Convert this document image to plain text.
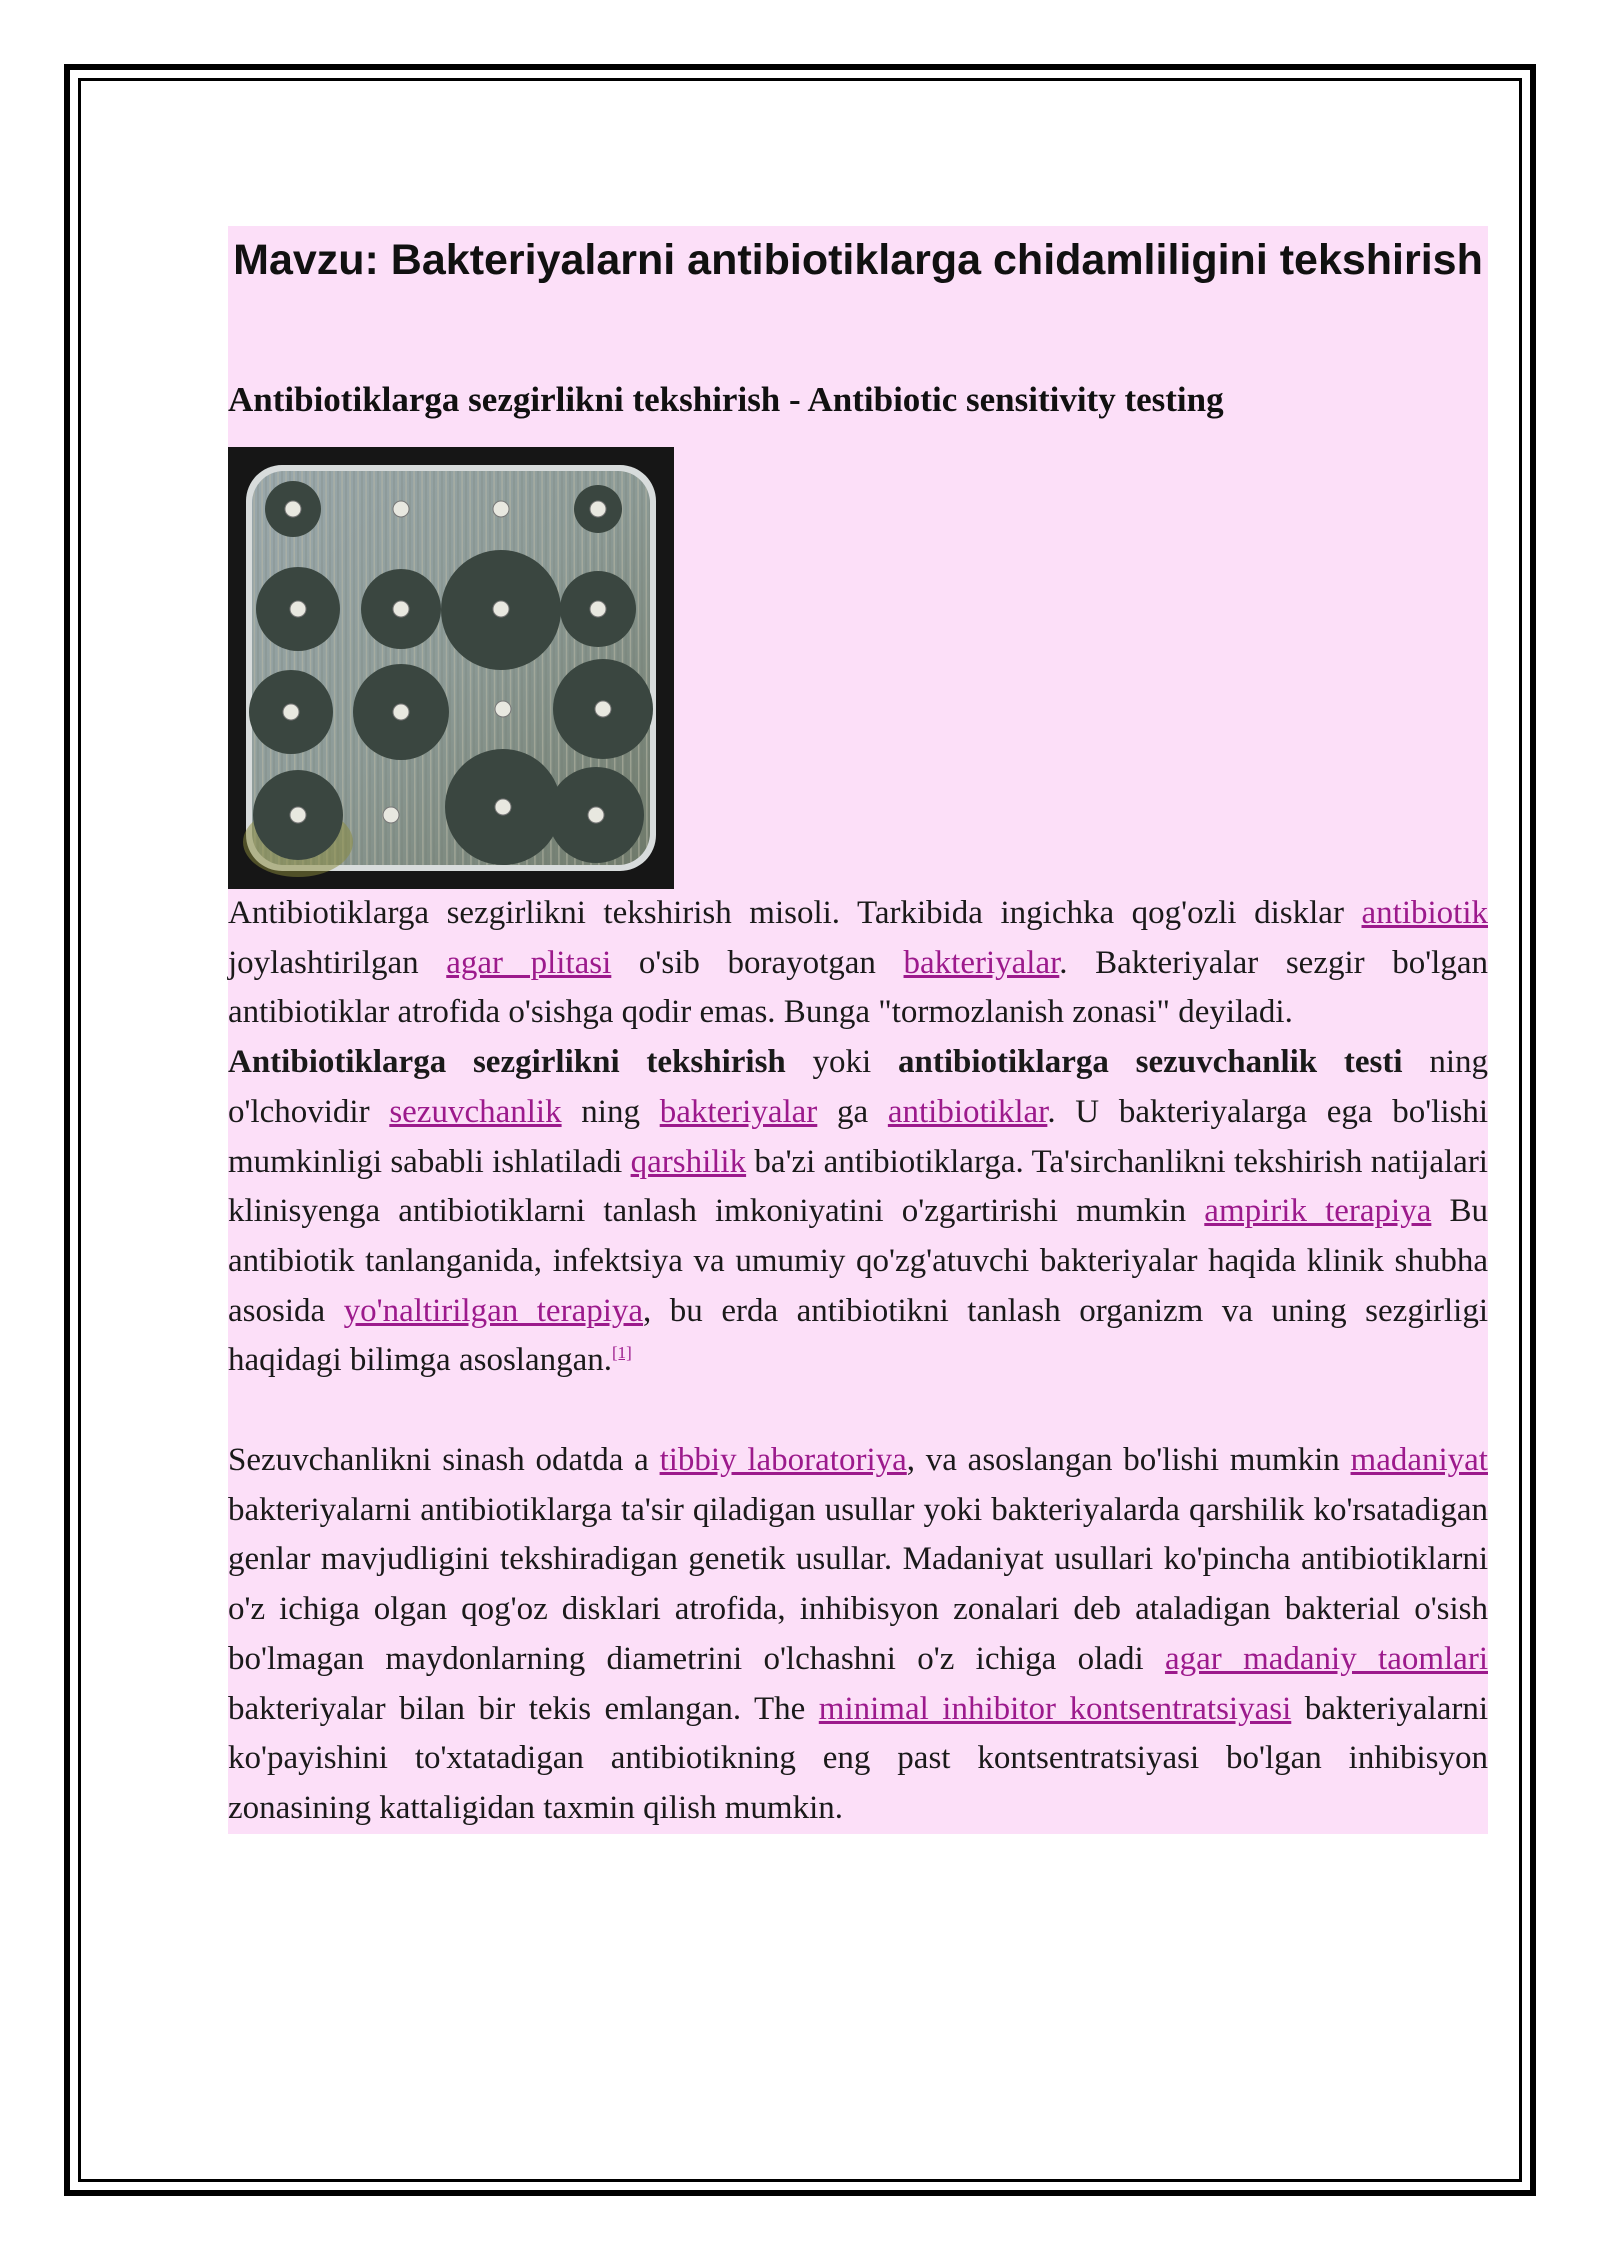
Mavzu: Bakteriyalarni antibiotiklarga chidamliligini tekshirish
Antibiotiklarga sezgirlikni tekshirish - Antibiotic sensitivity testing

Antibiotiklarga sezgirlikni tekshirish misoli. Tarkibida ingichka qog'ozli disklar antibiotik joylashtirilgan agar plitasi o'sib borayotgan bakteriyalar. Bakteriyalar sezgir bo'lgan antibiotiklar atrofida o'sishga qodir emas. Bunga "tormozlanish zonasi" deyiladi.

Antibiotiklarga sezgirlikni tekshirish yoki antibiotiklarga sezuvchanlik testi ning o'lchovidir sezuvchanlik ning bakteriyalar ga antibiotiklar. U bakteriyalarga ega bo'lishi mumkinligi sababli ishlatiladi qarshilik ba'zi antibiotiklarga. Ta'sirchanlikni tekshirish natijalari klinisyenga antibiotiklarni tanlash imkoniyatini o'zgartirishi mumkin ampirik terapiya Bu antibiotik tanlanganida, infektsiya va umumiy qo'zg'atuvchi bakteriyalar haqida klinik shubha asosida yo'naltirilgan terapiya, bu erda antibiotikni tanlash organizm va uning sezgirligi haqidagi bilimga asoslangan.[1]

Sezuvchanlikni sinash odatda a tibbiy laboratoriya, va asoslangan bo'lishi mumkin madaniyat bakteriyalarni antibiotiklarga ta'sir qiladigan usullar yoki bakteriyalarda qarshilik ko'rsatadigan genlar mavjudligini tekshiradigan genetik usullar. Madaniyat usullari ko'pincha antibiotiklarni o'z ichiga olgan qog'oz disklari atrofida, inhibisyon zonalari deb ataladigan bakterial o'sish bo'lmagan maydonlarning diametrini o'lchashni o'z ichiga oladi agar madaniy taomlari bakteriyalar bilan bir tekis emlangan. The minimal inhibitor kontsentratsiyasi bakteriyalarni ko'payishini to'xtatadigan antibiotikning eng past kontsentratsiyasi bo'lgan inhibisyon zonasining kattaligidan taxmin qilish mumkin.
